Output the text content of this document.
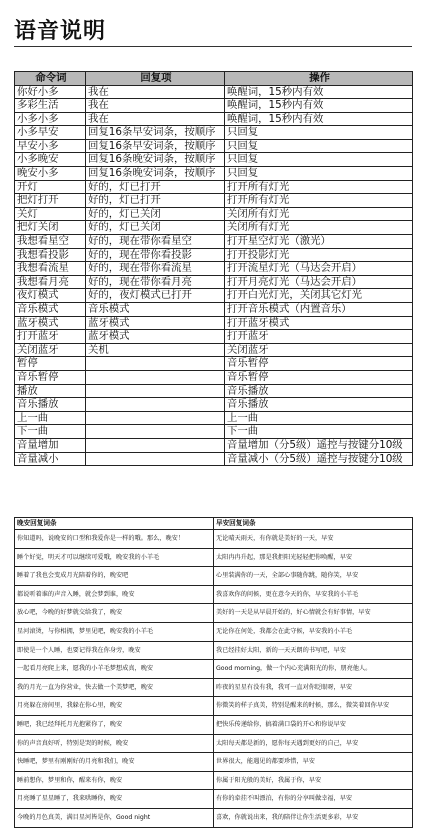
语音说明
命令词	回复项	操作
你好小多	我在	唤醒词，15秒内有效
多彩生活	我在	唤醒词，15秒内有效
小多小多	我在	唤醒词，15秒内有效
小多早安	回复16条早安词条，按顺序	只回复
早安小多	回复16条早安词条，按顺序	只回复
小多晚安	回复16条晚安词条，按顺序	只回复
晚安小多	回复16条晚安词条，按顺序	只回复
开灯	好的，灯已打开	打开所有灯光
把灯打开	好的，灯已打开	打开所有灯光
关灯	好的，灯已关闭	关闭所有灯光
把灯关闭	好的，灯已关闭	关闭所有灯光
我想看星空	好的，现在带你看星空	打开星空灯光（激光）
我想看投影	好的，现在带你看投影	打开投影灯光
我想看流星	好的，现在带你看流星	打开流星灯光（马达会开启）
我想看月亮	好的，现在带你看月亮	打开月亮灯光（马达会开启）
夜灯模式	好的，夜灯模式已打开	打开白光灯光，关闭其它灯光
音乐模式	音乐模式	打开音乐模式（内置音乐）
蓝牙模式	蓝牙模式	打开蓝牙模式
打开蓝牙	蓝牙模式	打开蓝牙
关闭蓝牙	关机	关闭蓝牙
暂停		音乐暂停
音乐暂停		音乐暂停
播放		音乐播放
音乐播放		音乐播放
上一曲		上一曲
下一曲		下一曲
音量增加		音量增加（分5级）遥控与按键分10级
音量减小		音量减小（分5级）遥控与按键分10级
晚安回复词条	早安回复词条
你知道吗，说晚安的口型和我爱你是一样的哦。那么，晚安！	无论晴天雨天，有你就是美好的一天，早安
睡个好觉，明天才可以继续可爱哦，晚安我的小羊毛	太阳冉冉升起，那是我拒阳光轻轻把你唤醒，早安
睡着了我也会变成月光陪着你的，晚安吧	心里装满你的一天，全部心事随你跳，随你笑，早安
都说听着谁的声音入睡，就会梦到谁，晚安	我喜欢你的问候，更在意今天的你，早安我的小羊毛
放心吧，今晚的好梦就交给我了，晚安	美好的一天是从早晨开始的，好心情就会有好事情，早安
星河滚烫，与你相拥，梦里见吧，晚安我的小羊毛	无论你在何处，我都会在此守候，早安我的小羊毛
即使是一个人睡，也要记得我在你身旁，晚安	我已经挂好太阳，新的一天天朗的书写吧，早安
一起看月亮爬上来，愿我的小羊毛梦想成真，晚安	Good morning，做一个内心充满阳光的你，朋亮他人。
我的月光一直为你营业，快去做一个美梦吧，晚安	昨夜的星星有没有我，我可一直对你眨眼呀，早安
月亮躲在房间里，我躲在你心里，晚安	你微笑的样子真美，特别是醒来的时候，那么，微笑着回你早安
睡吧，我已经拜托月光抱紧你了，晚安	把快乐传递给你，搞着满口袋的开心和你说早安
你的声音真好听，特别是哭的时候，晚安	太阳每天都是新的，愿你每天遇到更好的自己，早安
快睡吧，梦里有刚刚好的月亮和我们，晚安	世界很大，能遇见的都要珍惜，早安
睡前想你，梦里和你，醒来有你，晚安	你属于阳光般的美好，我属于你，早安
月亮睡了星星睡了，我来哄睡你，晚安	有你的牵挂不叫漂泊，有你的分享叫做幸福，早安
今晚的月色真美，满目星河皆是你，Good night	喜欢，你就说出来，我的陪伴让你生活更多彩，早安
